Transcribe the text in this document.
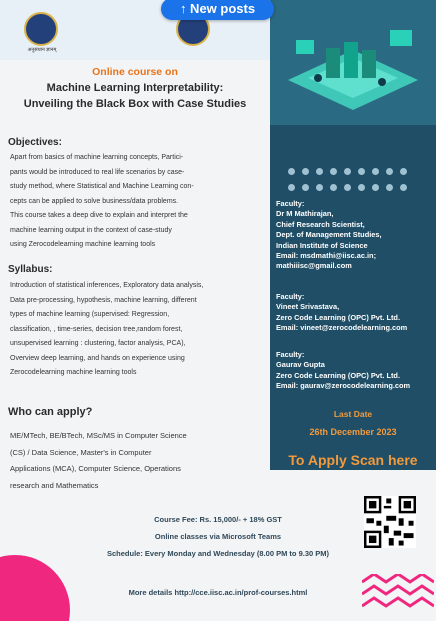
अनुसंधान ज्ञानम्
↑ New posts
Online course on
Machine Learning Interpretability:
Unveiling the Black Box with Case Studies
Objectives:
Apart from basics of machine learning concepts, Partici-
pants would be introduced to real life scenarios by case-
study method, where Statistical and Machine Learning con-
cepts can be applied to solve business/data problems.
This course takes a deep dive to explain and interpret the
machine learning output in the context of case-study
using Zerocodelearning machine learning tools
Syllabus:
Introduction of statistical inferences, Exploratory data analysis,
Data pre-processing, hypothesis, machine learning, different
types of machine learning (supervised: Regression,
classification, , time-series, decision tree,random forest,
unsupervised learning : clustering, factor analysis, PCA),
Overview deep learning, and hands on experience using
Zerocodelearning machine learning tools
Who can apply?
ME/MTech, BE/BTech, MSc/MS in Computer Science
(CS) / Data Science, Master's in Computer
Applications (MCA), Computer Science, Operations
research and Mathematics
Faculty:
Dr M Mathirajan,
Chief Research Scientist,
Dept. of Management Studies,
Indian Institute of Science
Email: msdmathi@iisc.ac.in;
mathiiisc@gmail.com
Faculty:
Vineet Srivastava,
Zero Code Learning (OPC) Pvt. Ltd.
Email: vineet@zerocodelearning.com
Faculty:
Gaurav Gupta
Zero Code Learning (OPC) Pvt. Ltd.
Email: gaurav@zerocodelearning.com
Last Date
26th December 2023
To Apply Scan here
Course Fee: Rs. 15,000/- + 18% GST
Online classes via Microsoft Teams
Schedule: Every Monday and Wednesday (8.00 PM to 9.30 PM)
More details http://cce.iisc.ac.in/prof-courses.html
